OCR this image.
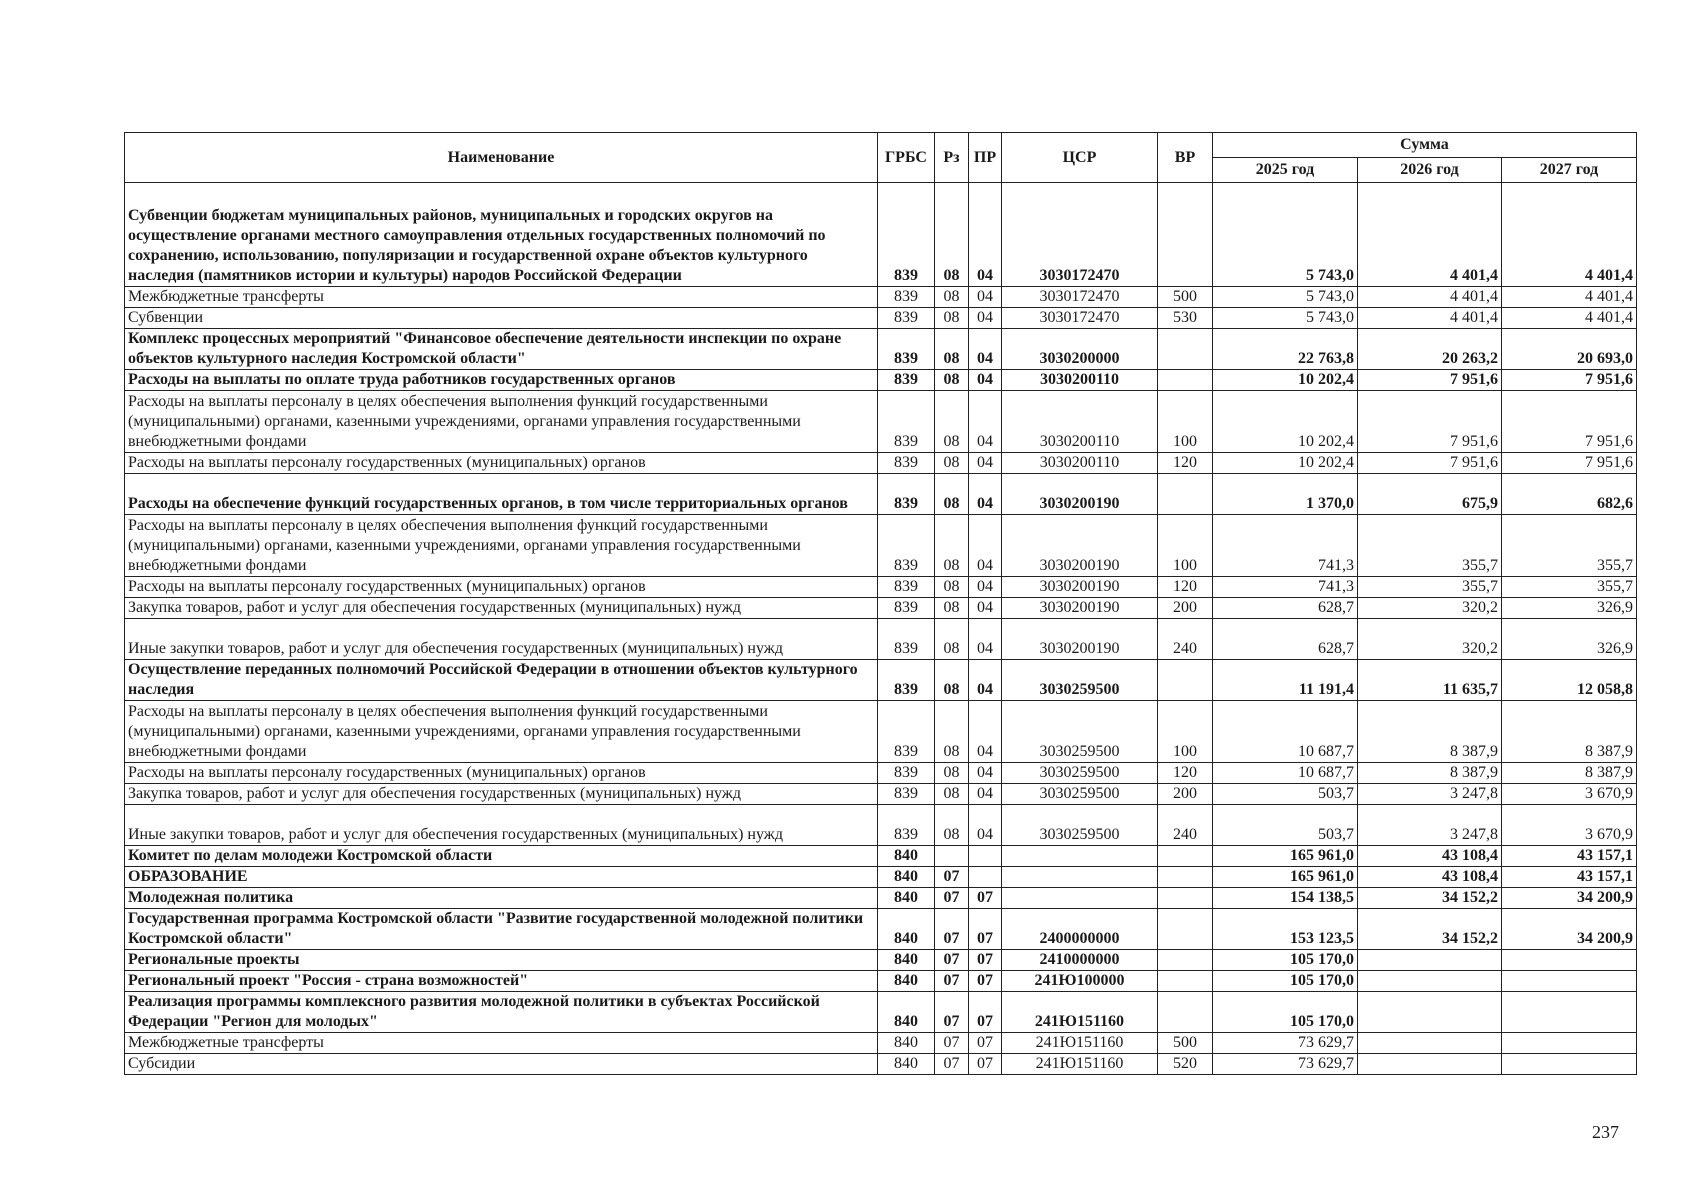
Наименование	ГРБС	Рз	ПР	ЦСР	ВР	Сумма		
						2025 год	2026 год	2027 год
Субвенции бюджетам муниципальных районов, муниципальных и городских округов на осуществление органами местного самоуправления отдельных государственных полномочий по сохранению, использованию, популяризации и государственной охране объектов культурного наследия (памятников истории и культуры) народов Российской Федерации	839	08	04	3030172470		5 743,0	4 401,4	4 401,4
Межбюджетные трансферты	839	08	04	3030172470	500	5 743,0	4 401,4	4 401,4
Субвенции	839	08	04	3030172470	530	5 743,0	4 401,4	4 401,4
Комплекс процессных мероприятий "Финансовое обеспечение деятельности инспекции по охране объектов культурного наследия Костромской области"	839	08	04	3030200000		22 763,8	20 263,2	20 693,0
Расходы на выплаты по оплате труда работников государственных органов	839	08	04	3030200110		10 202,4	7 951,6	7 951,6
Расходы на выплаты персоналу в целях обеспечения выполнения функций государственными (муниципальными) органами, казенными учреждениями, органами управления государственными внебюджетными фондами	839	08	04	3030200110	100	10 202,4	7 951,6	7 951,6
Расходы на выплаты персоналу государственных (муниципальных) органов	839	08	04	3030200110	120	10 202,4	7 951,6	7 951,6
Расходы на обеспечение функций государственных органов, в том числе территориальных органов	839	08	04	3030200190		1 370,0	675,9	682,6
Расходы на выплаты персоналу в целях обеспечения выполнения функций государственными (муниципальными) органами, казенными учреждениями, органами управления государственными внебюджетными фондами	839	08	04	3030200190	100	741,3	355,7	355,7
Расходы на выплаты персоналу государственных (муниципальных) органов	839	08	04	3030200190	120	741,3	355,7	355,7
Закупка товаров, работ и услуг для обеспечения государственных (муниципальных) нужд	839	08	04	3030200190	200	628,7	320,2	326,9
Иные закупки товаров, работ и услуг для обеспечения государственных (муниципальных) нужд	839	08	04	3030200190	240	628,7	320,2	326,9
Осуществление переданных полномочий Российской Федерации в отношении объектов культурного наследия	839	08	04	3030259500		11 191,4	11 635,7	12 058,8
Расходы на выплаты персоналу в целях обеспечения выполнения функций государственными (муниципальными) органами, казенными учреждениями, органами управления государственными внебюджетными фондами	839	08	04	3030259500	100	10 687,7	8 387,9	8 387,9
Расходы на выплаты персоналу государственных (муниципальных) органов	839	08	04	3030259500	120	10 687,7	8 387,9	8 387,9
Закупка товаров, работ и услуг для обеспечения государственных (муниципальных) нужд	839	08	04	3030259500	200	503,7	3 247,8	3 670,9
Иные закупки товаров, работ и услуг для обеспечения государственных (муниципальных) нужд	839	08	04	3030259500	240	503,7	3 247,8	3 670,9
Комитет по делам молодежи Костромской области	840					165 961,0	43 108,4	43 157,1
ОБРАЗОВАНИЕ	840	07				165 961,0	43 108,4	43 157,1
Молодежная политика	840	07	07			154 138,5	34 152,2	34 200,9
Государственная программа Костромской области "Развитие государственной молодежной политики Костромской области"	840	07	07	2400000000		153 123,5	34 152,2	34 200,9
Региональные проекты	840	07	07	2410000000		105 170,0		
Региональный проект "Россия - страна возможностей"	840	07	07	241Ю100000		105 170,0		
Реализация программы комплексного развития молодежной политики в субъектах Российской Федерации "Регион для молодых"	840	07	07	241Ю151160		105 170,0		
Межбюджетные трансферты	840	07	07	241Ю151160	500	73 629,7		
Субсидии	840	07	07	241Ю151160	520	73 629,7		
237
